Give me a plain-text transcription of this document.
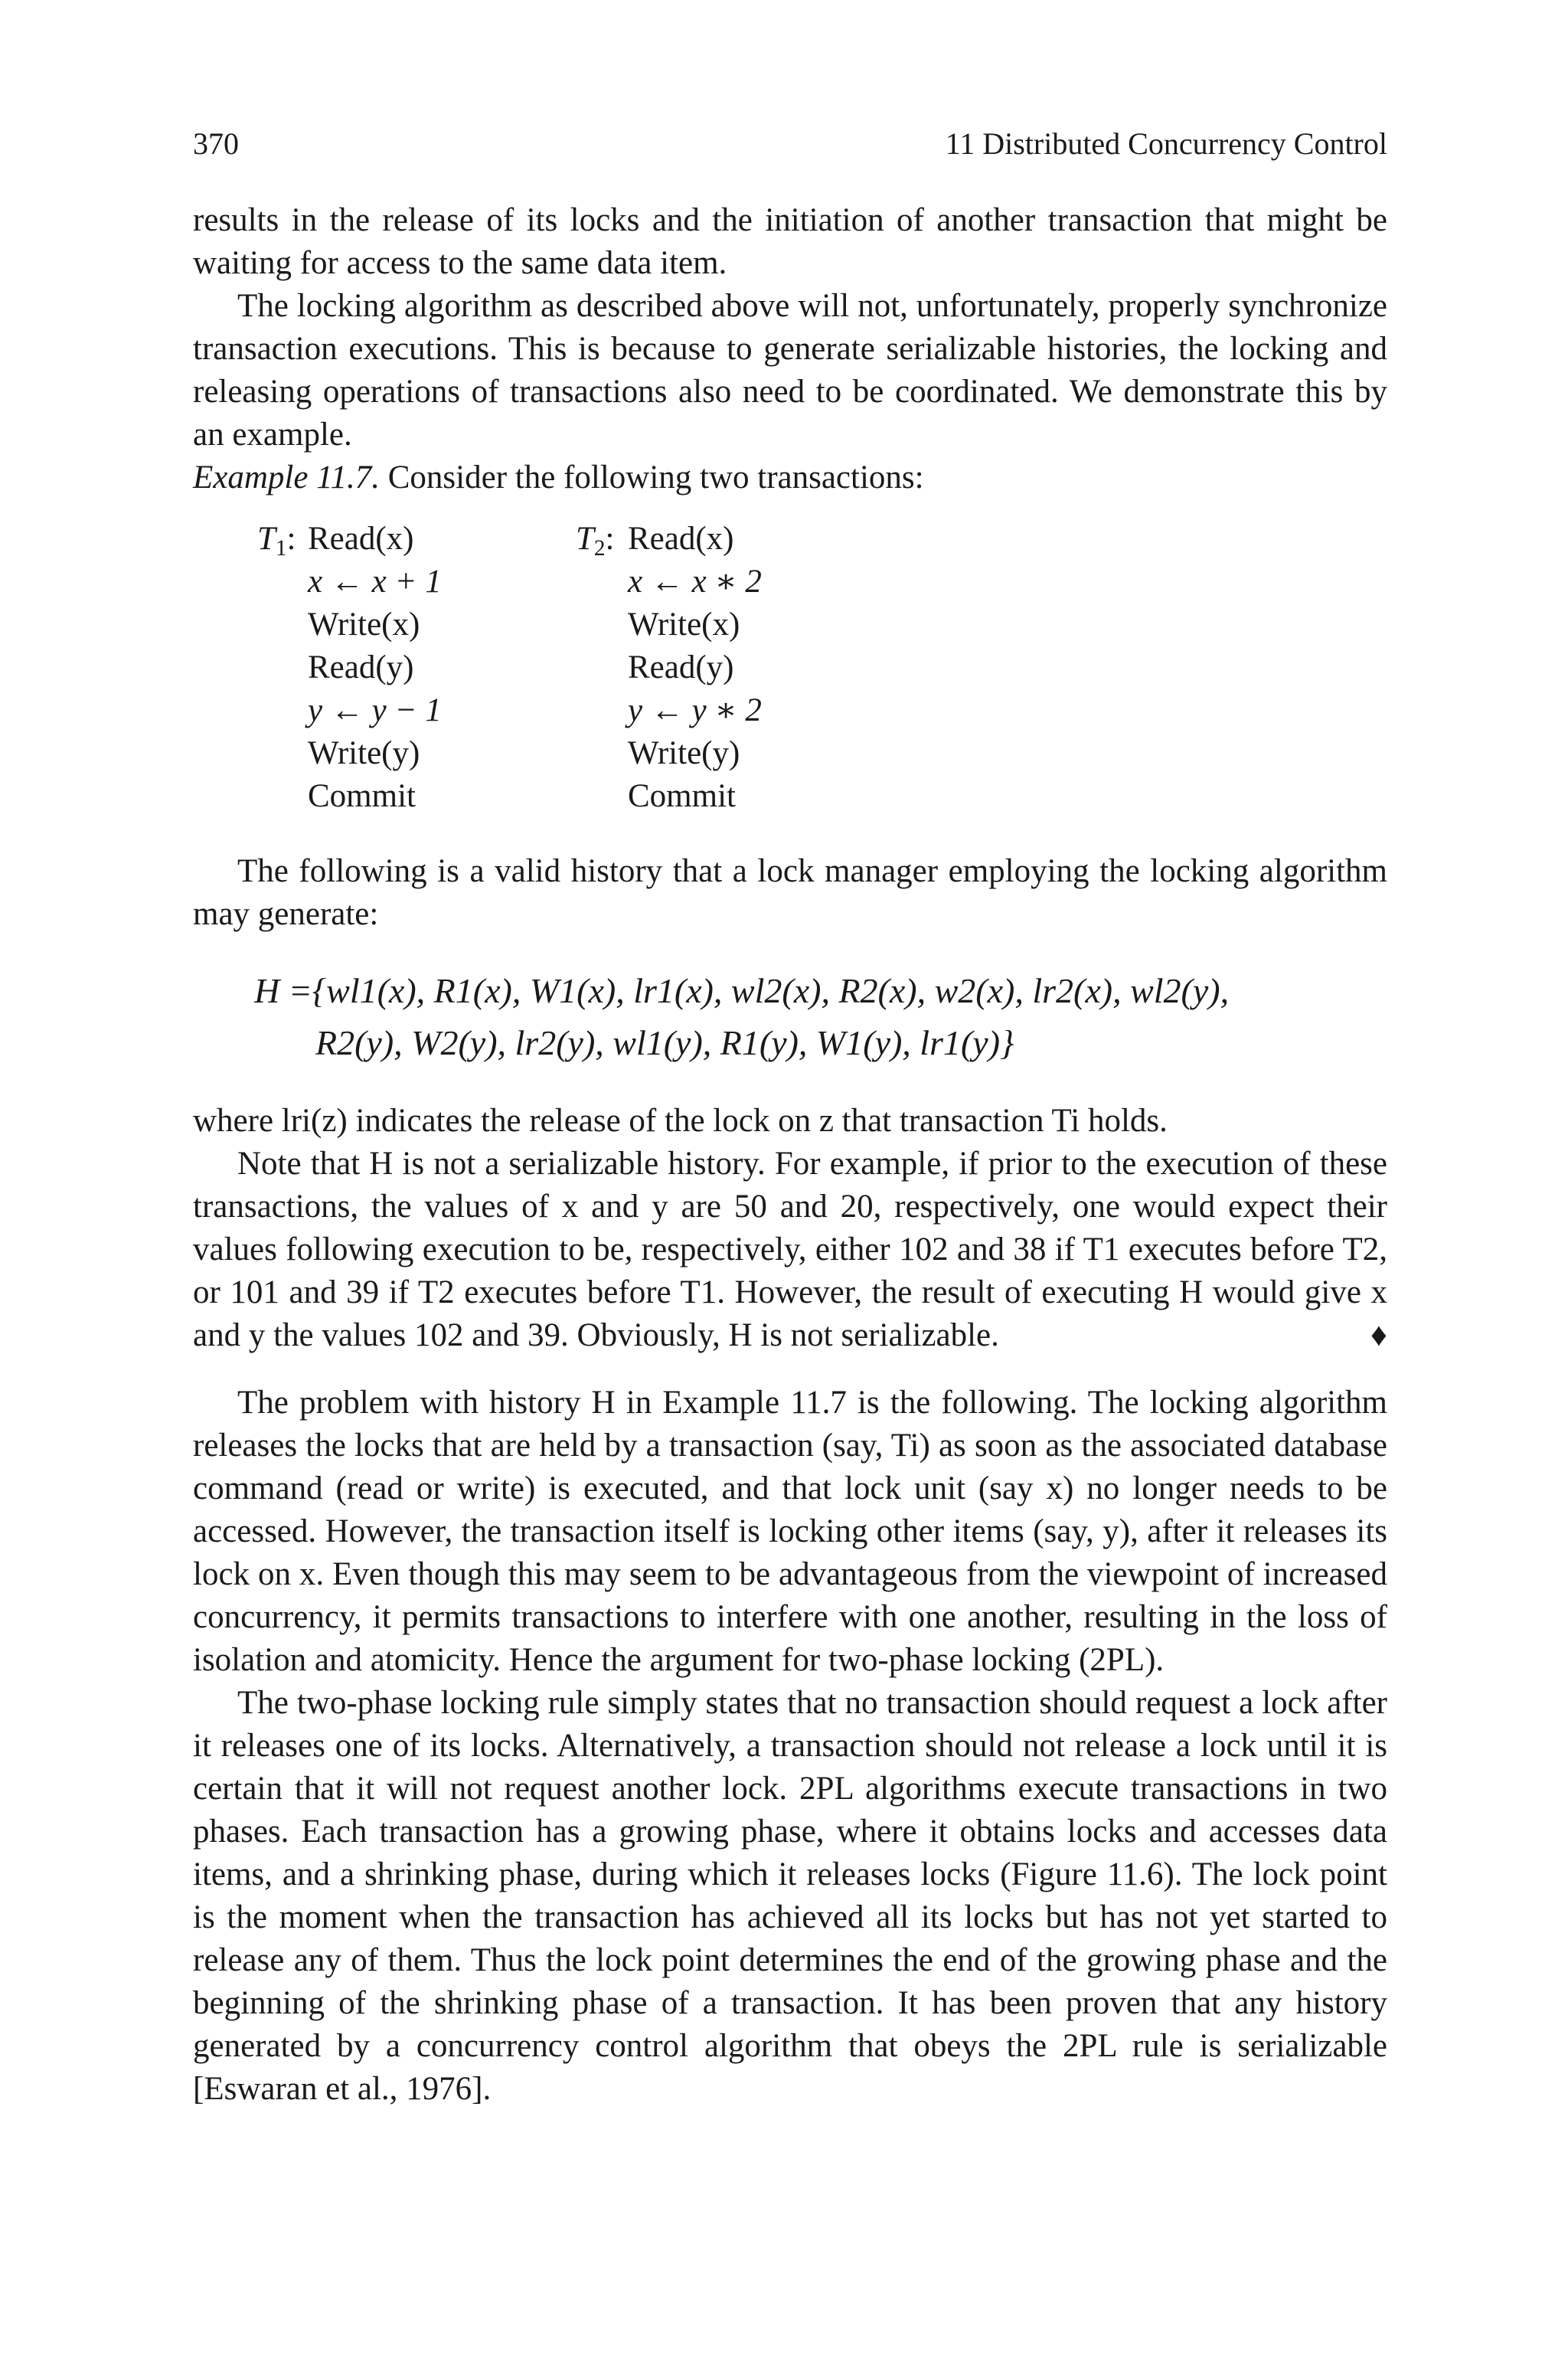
370	11 Distributed Concurrency Control

results in the release of its locks and the initiation of another transaction that might be waiting for access to the same data item.

The locking algorithm as described above will not, unfortunately, properly synchronize transaction executions. This is because to generate serializable histories, the locking and releasing operations of transactions also need to be coordinated. We demonstrate this by an example.

Example 11.7. Consider the following two transactions:

$T_1$: Read(x)
x ← x + 1
Write(x)
Read(y)
y ← y − 1
Write(y)
Commit
$T_2$: Read(x)
x ← x ∗ 2
Write(x)
Read(y)
y ← y ∗ 2
Write(y)
Commit

The following is a valid history that a lock manager employing the locking algorithm may generate:

H ={wl1(x), R1(x), W1(x), lr1(x), wl2(x), R2(x), w2(x), lr2(x), wl2(y),
R2(y), W2(y), lr2(y), wl1(y), R1(y), W1(y), lr1(y)}

where lri(z) indicates the release of the lock on z that transaction Ti holds.

Note that H is not a serializable history. For example, if prior to the execution of these transactions, the values of x and y are 50 and 20, respectively, one would expect their values following execution to be, respectively, either 102 and 38 if T1 executes before T2, or 101 and 39 if T2 executes before T1. However, the result of executing H would give x and y the values 102 and 39. Obviously, H is not serializable.	♦

The problem with history H in Example 11.7 is the following. The locking algorithm releases the locks that are held by a transaction (say, Ti) as soon as the associated database command (read or write) is executed, and that lock unit (say x) no longer needs to be accessed. However, the transaction itself is locking other items (say, y), after it releases its lock on x. Even though this may seem to be advantageous from the viewpoint of increased concurrency, it permits transactions to interfere with one another, resulting in the loss of isolation and atomicity. Hence the argument for two-phase locking (2PL).

The two-phase locking rule simply states that no transaction should request a lock after it releases one of its locks. Alternatively, a transaction should not release a lock until it is certain that it will not request another lock. 2PL algorithms execute transactions in two phases. Each transaction has a growing phase, where it obtains locks and accesses data items, and a shrinking phase, during which it releases locks (Figure 11.6). The lock point is the moment when the transaction has achieved all its locks but has not yet started to release any of them. Thus the lock point determines the end of the growing phase and the beginning of the shrinking phase of a transaction. It has been proven that any history generated by a concurrency control algorithm that obeys the 2PL rule is serializable [Eswaran et al., 1976].
